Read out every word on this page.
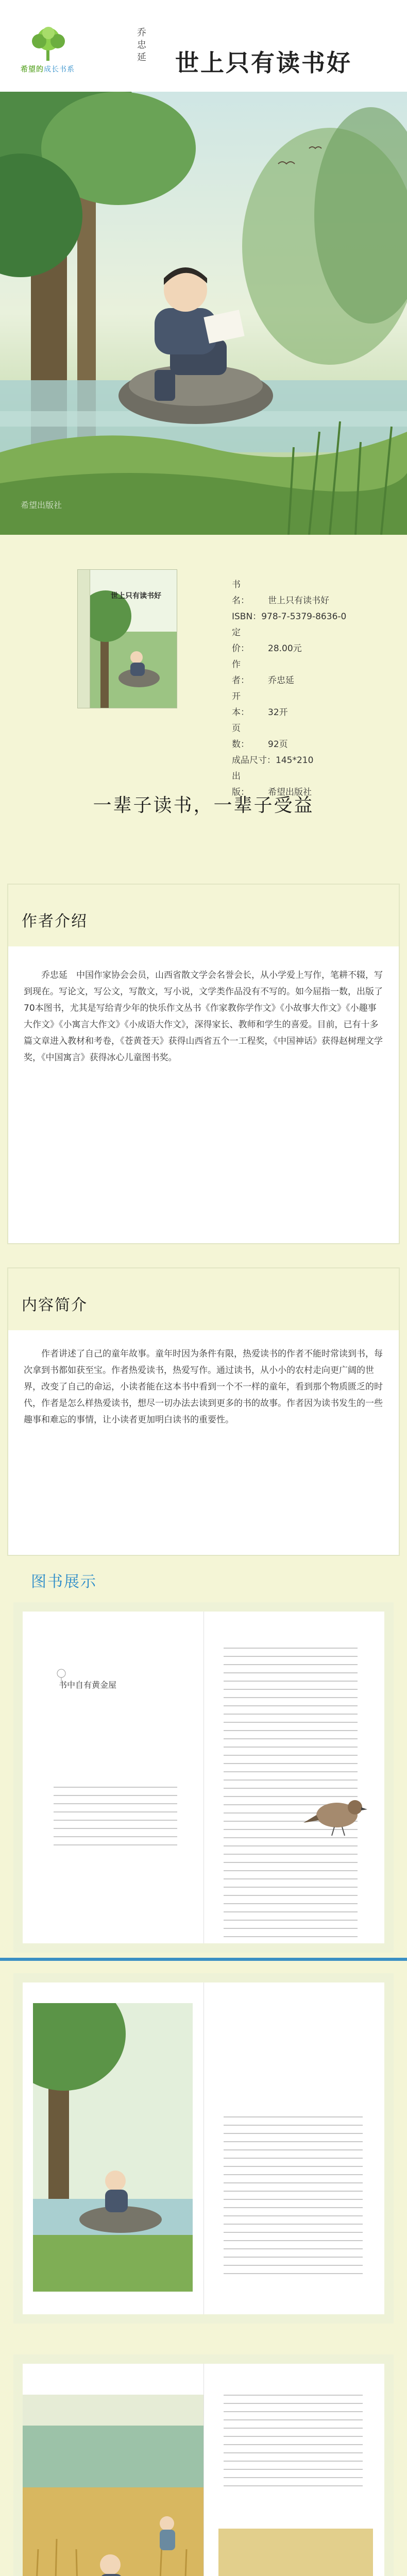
希望的成长书系
乔
忠
延 世上只有读书好
希望出版社
世上只有读书好
书　　名： 世上只有读书好
ISBN：978-7-5379-8636-0
定　　价： 28.00元
作　　者： 乔忠延
开　　本： 32开
页　　数： 92页
成品尺寸：145*210
出　　版： 希望出版社
一辈子读书，一辈子受益
作者介绍
乔忠延　中国作家协会会员，山西省散文学会名誉会长，从小学爱上写作，笔耕不辍，写到现在。写论文，写公文，写散文，写小说，文学类作品没有不写的。如今屈指一数，出版了70本图书，尤其是写给青少年的快乐作文丛书《作家教你学作文》《小故事大作文》《小趣事大作文》《小寓言大作文》《小成语大作文》，深得家长、教师和学生的喜爱。目前，已有十多篇文章进入教材和考卷，《苍黄苍天》获得山西省五个一工程奖，《中国神话》获得赵树理文学奖，《中国寓言》获得冰心儿童图书奖。
内容简介
作者讲述了自己的童年故事。童年时因为条件有限，热爱读书的作者不能时常读到书，每次拿到书都如获至宝。作者热爱读书，热爱写作。通过读书，从小小的农村走向更广阔的世界，改变了自己的命运，小读者能在这本书中看到一个不一样的童年，看到那个物质匮乏的时代，作者是怎么样热爱读书，想尽一切办法去读到更多的书的故事。作者因为读书发生的一些趣事和难忘的事情，让小读者更加明白读书的重要性。
图书展示
书中自有黄金屋
